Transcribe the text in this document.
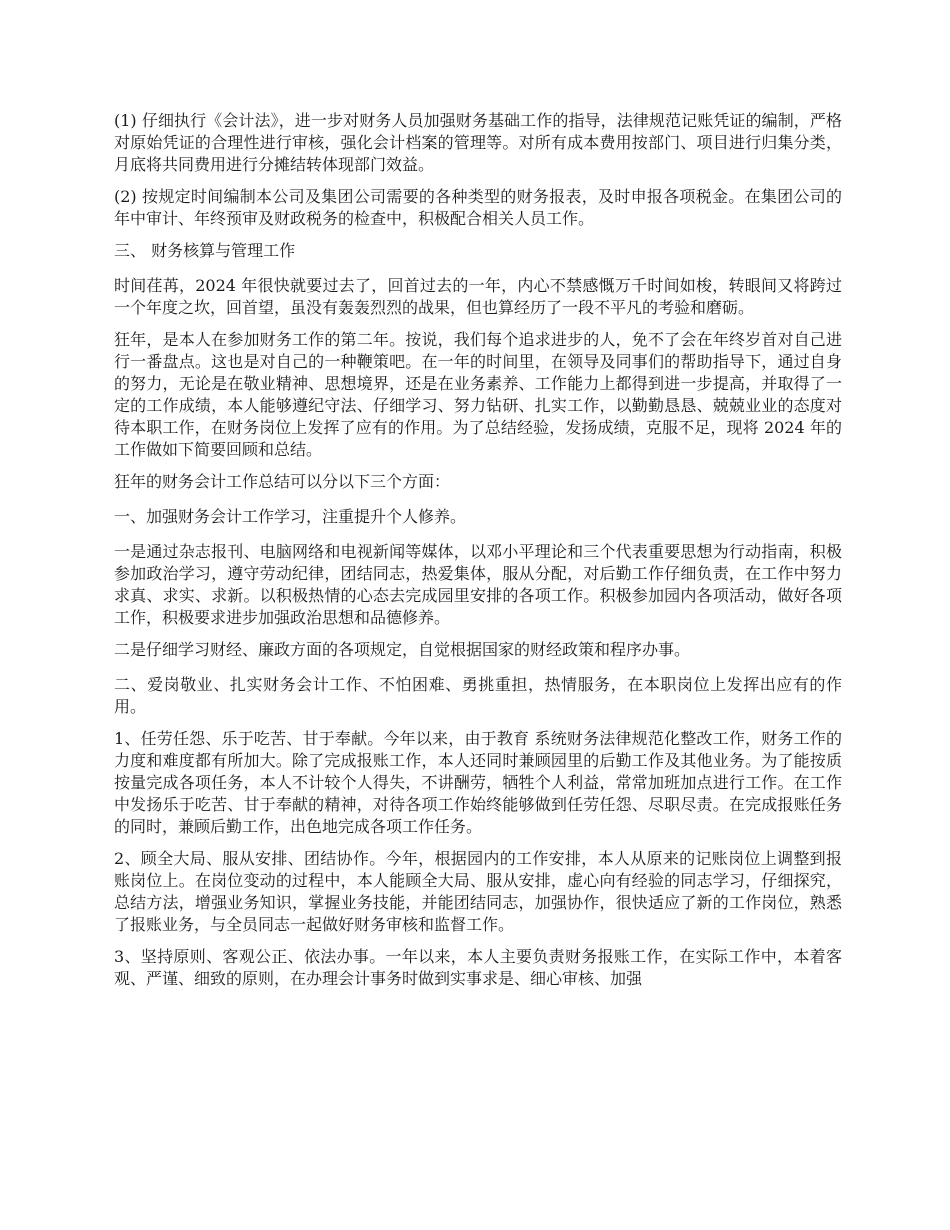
(1) 仔细执行《会计法》，进一步对财务人员加强财务基础工作的指导，法律规范记账凭证的编制，严格对原始凭证的合理性进行审核，强化会计档案的管理等。对所有成本费用按部门、项目进行归集分类，月底将共同费用进行分摊结转体现部门效益。

(2) 按规定时间编制本公司及集团公司需要的各种类型的财务报表，及时申报各项税金。在集团公司的年中审计、年终预审及财政税务的检查中，积极配合相关人员工作。

三、 财务核算与管理工作

时间荏苒，2024 年很快就要过去了，回首过去的一年，内心不禁感慨万千时间如梭，转眼间又将跨过一个年度之坎，回首望，虽没有轰轰烈烈的战果，但也算经历了一段不平凡的考验和磨砺。

狂年，是本人在参加财务工作的第二年。按说，我们每个追求进步的人，免不了会在年终岁首对自己进行一番盘点。这也是对自己的一种鞭策吧。在一年的时间里，在领导及同事们的帮助指导下，通过自身的努力，无论是在敬业精神、思想境界，还是在业务素养、工作能力上都得到进一步提高，并取得了一定的工作成绩，本人能够遵纪守法、仔细学习、努力钻研、扎实工作，以勤勤恳恳、兢兢业业的态度对待本职工作，在财务岗位上发挥了应有的作用。为了总结经验，发扬成绩，克服不足，现将 2024 年的工作做如下简要回顾和总结。

狂年的财务会计工作总结可以分以下三个方面：

一、加强财务会计工作学习，注重提升个人修养。

一是通过杂志报刊、电脑网络和电视新闻等媒体，以邓小平理论和三个代表重要思想为行动指南，积极参加政治学习，遵守劳动纪律，团结同志，热爱集体，服从分配，对后勤工作仔细负责，在工作中努力求真、求实、求新。以积极热情的心态去完成园里安排的各项工作。积极参加园内各项活动，做好各项工作，积极要求进步加强政治思想和品德修养。

二是仔细学习财经、廉政方面的各项规定，自觉根据国家的财经政策和程序办事。

二、爱岗敬业、扎实财务会计工作、不怕困难、勇挑重担，热情服务，在本职岗位上发挥出应有的作用。

1、任劳任怨、乐于吃苦、甘于奉献。今年以来，由于教育 系统财务法律规范化整改工作，财务工作的力度和难度都有所加大。除了完成报账工作，本人还同时兼顾园里的后勤工作及其他业务。为了能按质按量完成各项任务，本人不计较个人得失，不讲酬劳，牺牲个人利益，常常加班加点进行工作。在工作中发扬乐于吃苦、甘于奉献的精神，对待各项工作始终能够做到任劳任怨、尽职尽责。在完成报账任务的同时，兼顾后勤工作，出色地完成各项工作任务。

2、顾全大局、服从安排、团结协作。今年，根据园内的工作安排，本人从原来的记账岗位上调整到报账岗位上。在岗位变动的过程中，本人能顾全大局、服从安排，虚心向有经验的同志学习，仔细探究，总结方法，增强业务知识，掌握业务技能，并能团结同志，加强协作，很快适应了新的工作岗位，熟悉了报账业务，与全员同志一起做好财务审核和监督工作。

3、坚持原则、客观公正、依法办事。一年以来，本人主要负责财务报账工作，在实际工作中，本着客观、严谨、细致的原则，在办理会计事务时做到实事求是、细心审核、加强
